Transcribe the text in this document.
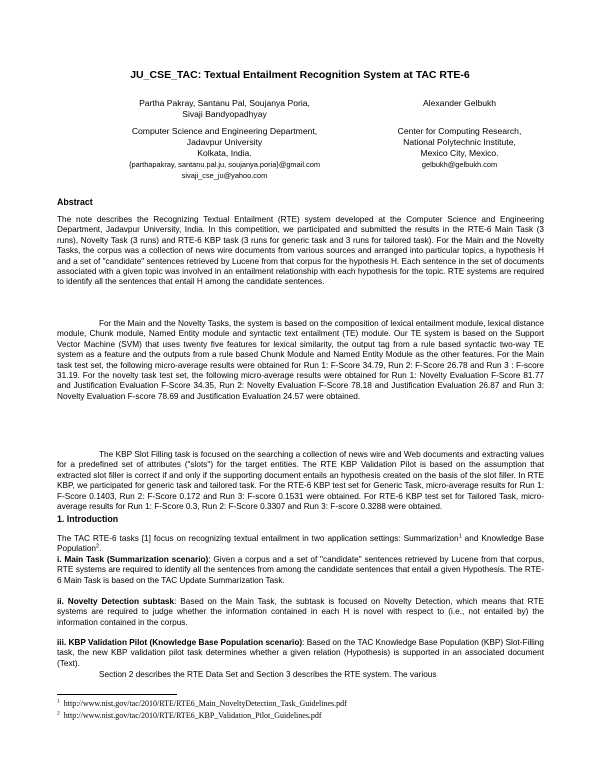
JU_CSE_TAC: Textual Entailment Recognition System at TAC RTE-6
Partha Pakray, Santanu Pal, Soujanya Poria,
Sivaji Bandyopadhyay
Computer Science and Engineering Department,
Jadavpur University
Kolkata, India.
{parthapakray, santanu.pal.ju, soujanya.poria}@gmail.com
sivaji_cse_ju@yahoo.com
Alexander Gelbukh
Center for Computing Research,
National Polytechnic Institute,
Mexico City, Mexico.
gelbukh@gelbukh.com
Abstract

The note describes the Recognizing Textual Entailment (RTE) system developed at the Computer Science and Engineering Department, Jadavpur University, India. In this competition, we participated and submitted the results in the RTE-6 Main Task (3 runs), Novelty Task (3 runs) and RTE-6 KBP task (3 runs for generic task and 3 runs for tailored task). For the Main and the Novelty Tasks, the corpus was a collection of news wire documents from various sources and arranged into particular topics, a hypothesis H and a set of "candidate" sentences retrieved by Lucene from that corpus for the hypothesis H. Each sentence in the set of documents associated with a given topic was involved in an entailment relationship with each hypothesis for the topic. RTE systems are required to identify all the sentences that entail H among the candidate sentences.

For the Main and the Novelty Tasks, the system is based on the composition of lexical entailment module, lexical distance module, Chunk module, Named Entity module and syntactic text entailment (TE) module. Our TE system is based on the Support Vector Machine (SVM) that uses twenty five features for lexical similarity, the output tag from a rule based syntactic two-way TE system as a feature and the outputs from a rule based Chunk Module and Named Entity Module as the other features. For the Main task test set, the following micro-average results were obtained for Run 1: F-Score 34.79, Run 2: F-Score 26.78 and Run 3 : F-score 31.19. For the novelty task test set, the following micro-average results were obtained for Run 1: Novelty Evaluation F-Score 81.77 and Justification Evaluation F-Score 34.35, Run 2: Novelty Evaluation F-Score 78.18 and Justification Evaluation 26.87 and Run 3: Novelty Evaluation F-score 78.69 and Justification Evaluation 24.57 were obtained.

The KBP Slot Filling task is focused on the searching a collection of news wire and Web documents and extracting values for a predefined set of attributes ("slots") for the target entities. The RTE KBP Validation Pilot is based on the assumption that extracted slot filler is correct if and only if the supporting document entails an hypothesis created on the basis of the slot filler. In RTE KBP, we participated for generic task and tailored task. For the RTE-6 KBP test set for Generic Task, micro-average results for Run 1: F-Score 0.1403, Run 2: F-Score 0.172 and Run 3: F-score 0.1531 were obtained. For RTE-6 KBP test set for Tailored Task, micro-average results for Run 1: F-Score 0.3, Run 2: F-Score 0.3307 and Run 3: F-score 0.3288 were obtained.

1. Introduction

The TAC RTE-6 tasks [1] focus on recognizing textual entailment in two application settings: Summarization$^1$ and Knowledge Base Population$^2$.

i. Main Task (Summarization scenario): Given a corpus and a set of "candidate" sentences retrieved by Lucene from that corpus, RTE systems are required to identify all the sentences from among the candidate sentences that entail a given Hypothesis. The RTE-6 Main Task is based on the TAC Update Summarization Task.

ii. Novelty Detection subtask: Based on the Main Task, the subtask is focused on Novelty Detection, which means that RTE systems are required to judge whether the information contained in each H is novel with respect to (i.e., not entailed by) the information contained in the corpus.

iii. KBP Validation Pilot (Knowledge Base Population scenario): Based on the TAC Knowledge Base Population (KBP) Slot-Filling task, the new KBP validation pilot task determines whether a given relation (Hypothesis) is supported in an associated document (Text).

Section 2 describes the RTE Data Set and Section 3 describes the RTE system. The various

$^1$ http://www.nist.gov/tac/2010/RTE/RTE6_Main_NoveltyDetection_Task_Guidelines.pdf
$^2$ http://www.nist.gov/tac/2010/RTE/RTE6_KBP_Validation_Pilot_Guidelines.pdf
